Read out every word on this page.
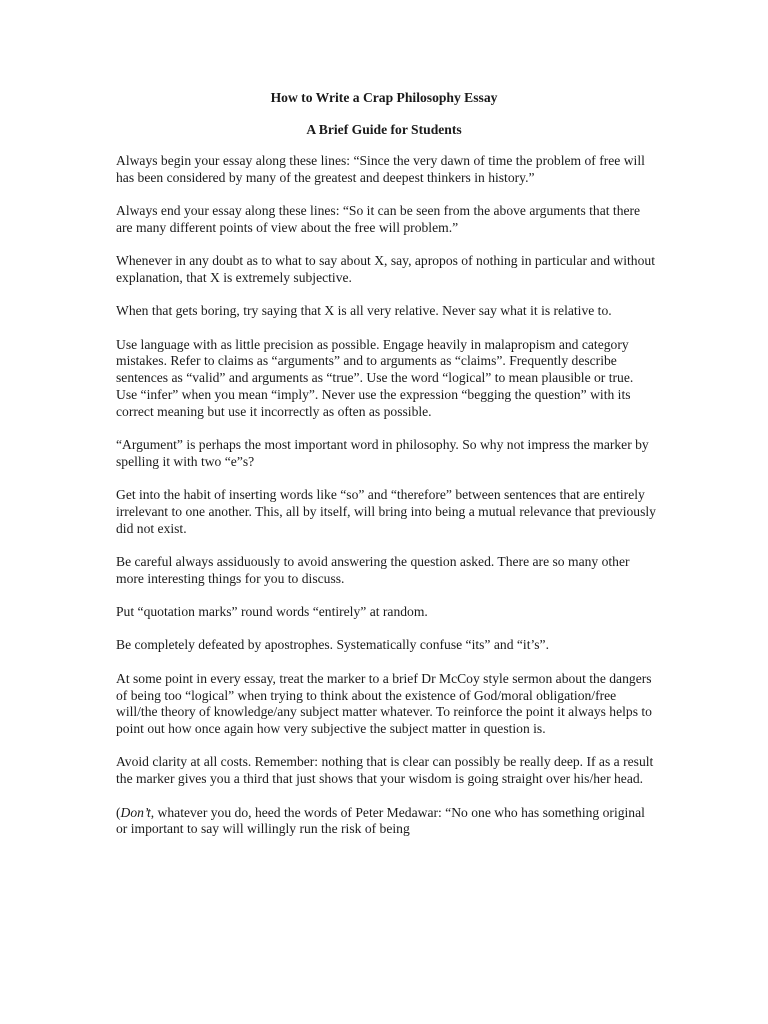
How to Write a Crap Philosophy Essay
A Brief Guide for Students

Always begin your essay along these lines: “Since the very dawn of time the problem of free will has been considered by many of the greatest and deepest thinkers in history.”

Always end your essay along these lines: “So it can be seen from the above arguments that there are many different points of view about the free will problem.”

Whenever in any doubt as to what to say about X, say, apropos of nothing in particular and without explanation, that X is extremely subjective.

When that gets boring, try saying that X is all very relative. Never say what it is relative to.

Use language with as little precision as possible. Engage heavily in malapropism and category mistakes. Refer to claims as “arguments” and to arguments as “claims”. Frequently describe sentences as “valid” and arguments as “true”. Use the word “logical” to mean plausible or true. Use “infer” when you mean “imply”. Never use the expression “begging the question” with its correct meaning but use it incorrectly as often as possible.

“Argument” is perhaps the most important word in philosophy. So why not impress the marker by spelling it with two “e”s?

Get into the habit of inserting words like “so” and “therefore” between sentences that are entirely irrelevant to one another. This, all by itself, will bring into being a mutual relevance that previously did not exist.

Be careful always assiduously to avoid answering the question asked. There are so many other more interesting things for you to discuss.

Put “quotation marks” round words “entirely” at random.

Be completely defeated by apostrophes. Systematically confuse “its” and “it’s”.

At some point in every essay, treat the marker to a brief Dr McCoy style sermon about the dangers of being too “logical” when trying to think about the existence of God/moral obligation/free will/the theory of knowledge/any subject matter whatever. To reinforce the point it always helps to point out how once again how very subjective the subject matter in question is.

Avoid clarity at all costs. Remember: nothing that is clear can possibly be really deep. If as a result the marker gives you a third that just shows that your wisdom is going straight over his/her head.

(Don’t, whatever you do, heed the words of Peter Medawar: “No one who has something original or important to say will willingly run the risk of being
